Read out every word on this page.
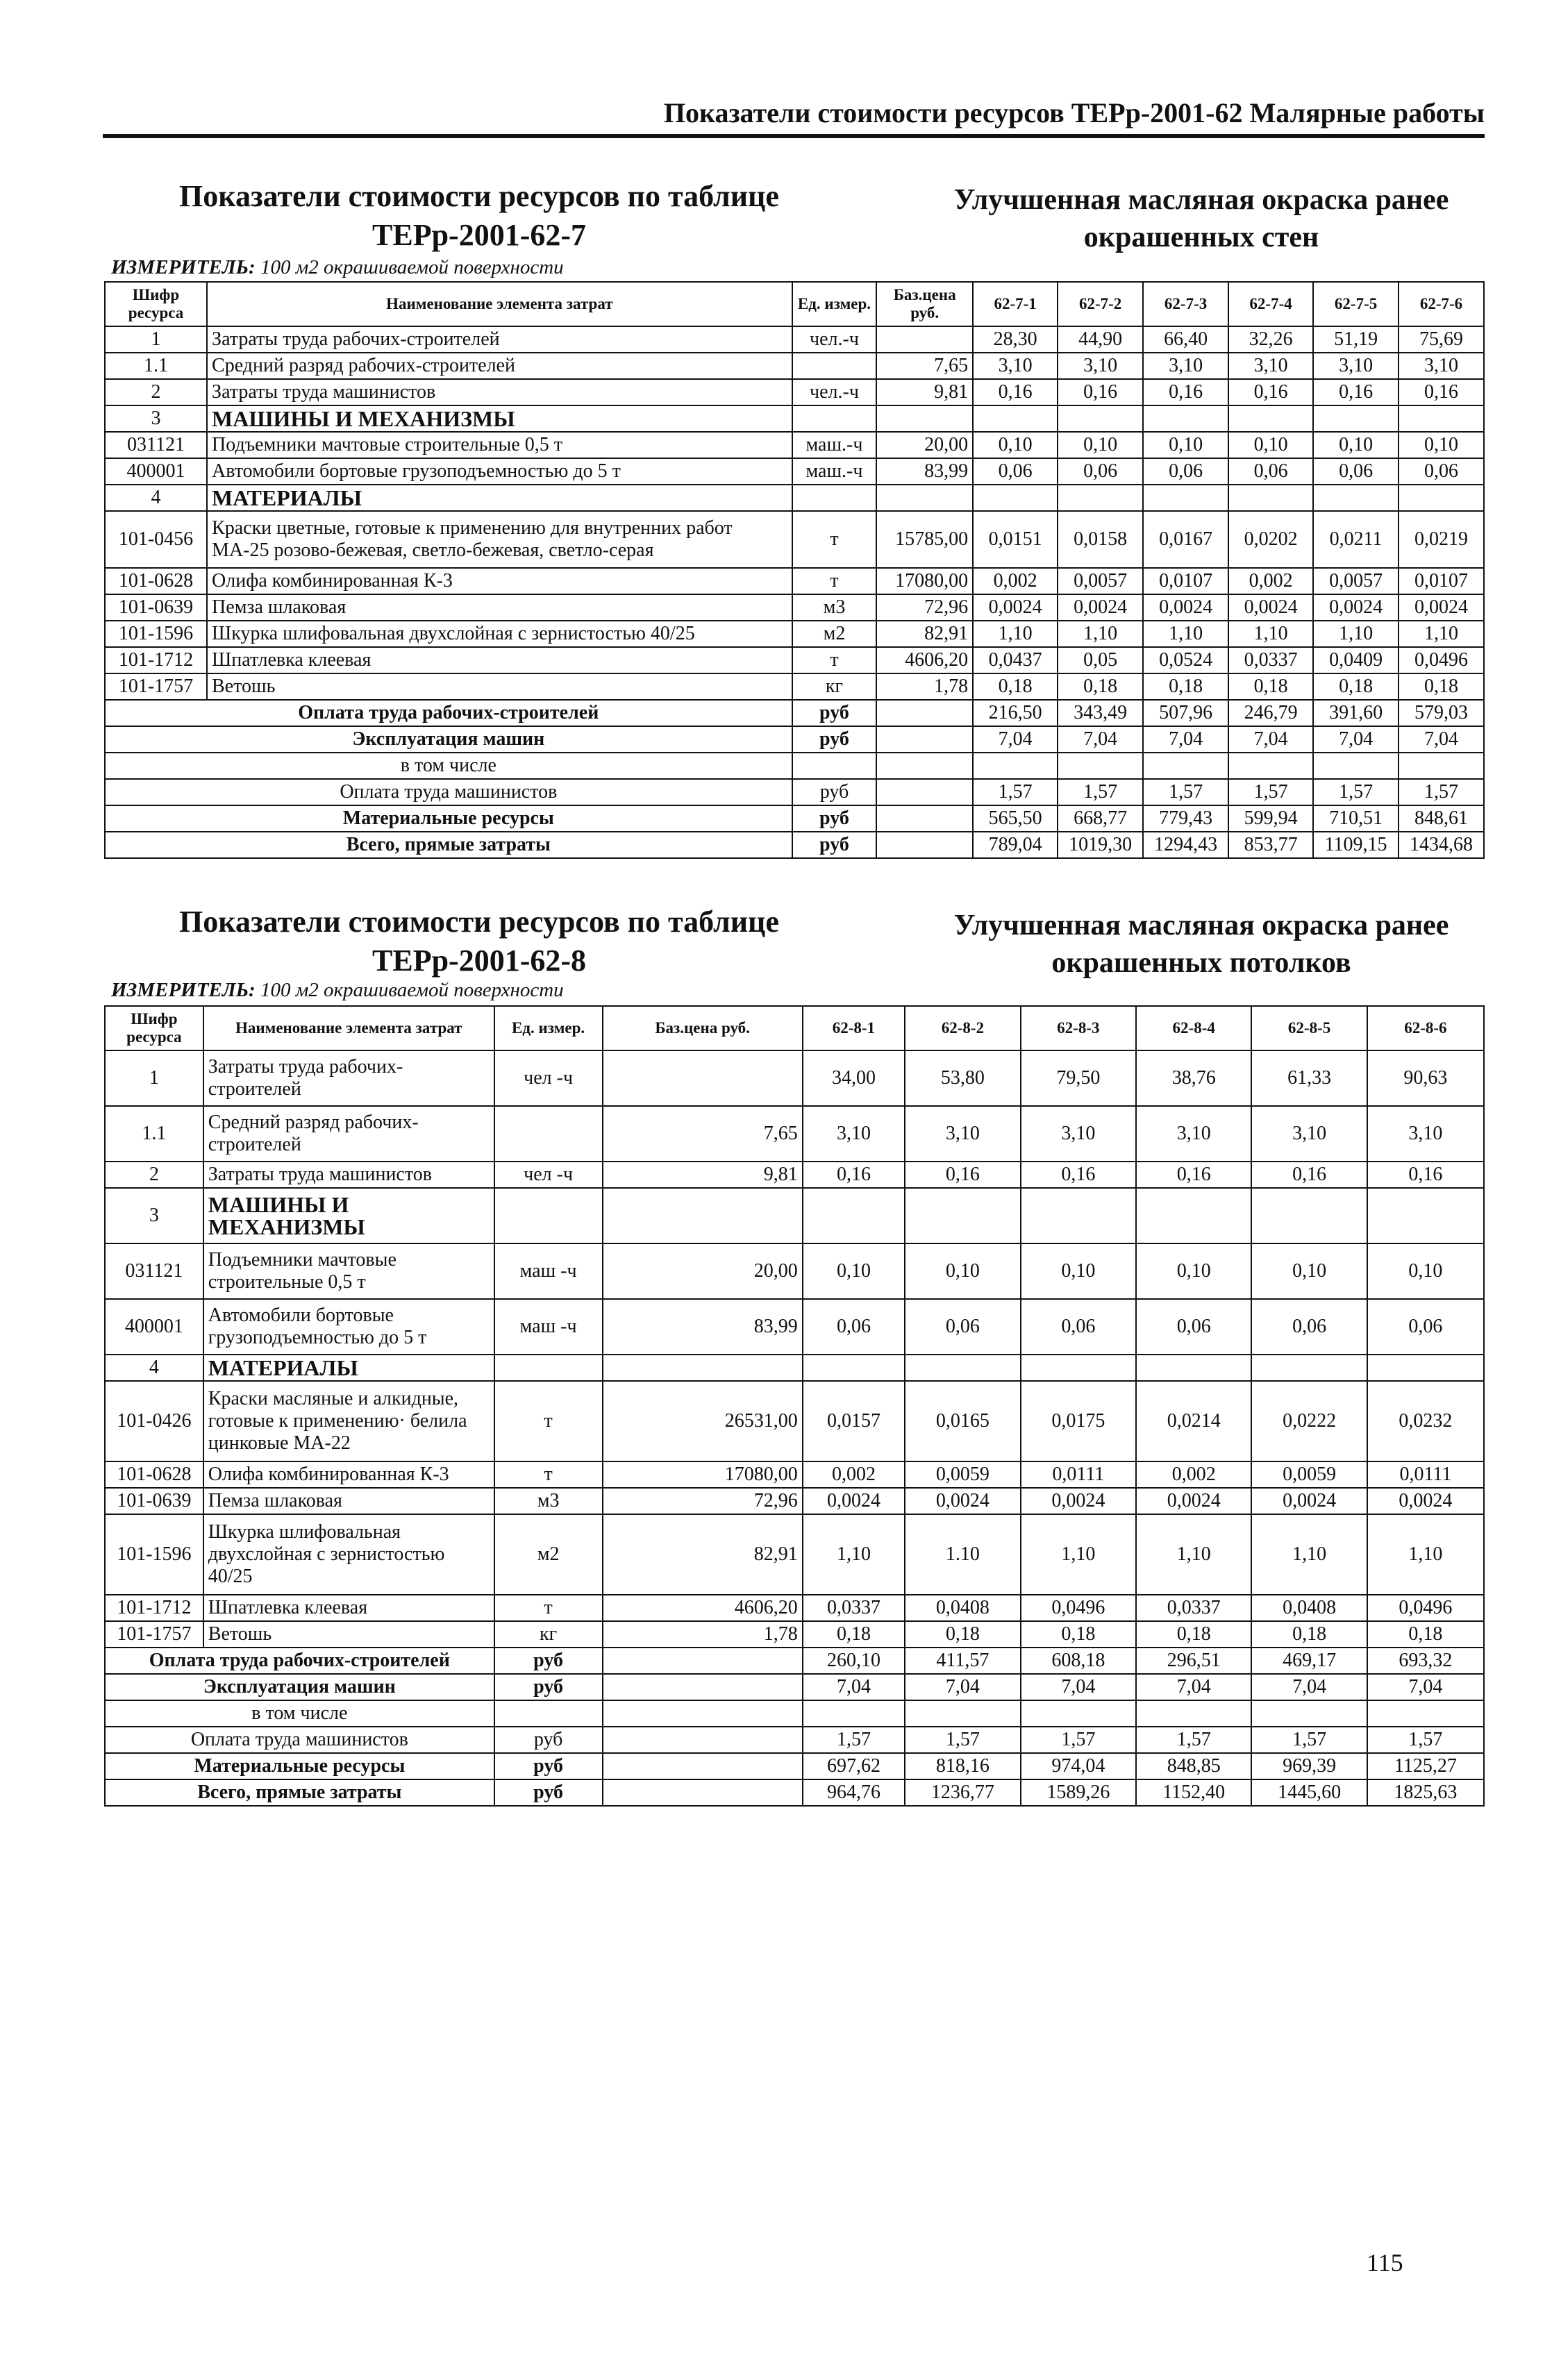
Показатели стоимости ресурсов ТЕРр-2001-62 Малярные работы
Показатели стоимости ресурсов по таблице ТЕРр-2001-62-7
Улучшенная масляная окраска ранее окрашенных стен
ИЗМЕРИТЕЛЬ: 100 м2 окрашиваемой поверхности
Шифр ресурса	Наименование элемента затрат	Ед. измер.	Баз.цена руб.	62-7-1	62-7-2	62-7-3	62-7-4	62-7-5	62-7-6
1	Затраты труда рабочих-строителей	чел.-ч		28,30	44,90	66,40	32,26	51,19	75,69
1.1	Средний разряд рабочих-строителей		7,65	3,10	3,10	3,10	3,10	3,10	3,10
2	Затраты труда машинистов	чел.-ч	9,81	0,16	0,16	0,16	0,16	0,16	0,16
3	МАШИНЫ И МЕХАНИЗМЫ								
031121	Подъемники мачтовые строительные 0,5 т	маш.-ч	20,00	0,10	0,10	0,10	0,10	0,10	0,10
400001	Автомобили бортовые грузоподъемностью до 5 т	маш.-ч	83,99	0,06	0,06	0,06	0,06	0,06	0,06
4	МАТЕРИАЛЫ								
101-0456	Краски цветные, готовые к применению для внутренних работ МА-25 розово-бежевая, светло-бежевая, светло-серая	т	15785,00	0,0151	0,0158	0,0167	0,0202	0,0211	0,0219
101-0628	Олифа комбинированная К-3	т	17080,00	0,002	0,0057	0,0107	0,002	0,0057	0,0107
101-0639	Пемза шлаковая	м3	72,96	0,0024	0,0024	0,0024	0,0024	0,0024	0,0024
101-1596	Шкурка шлифовальная двухслойная с зернистостью 40/25	м2	82,91	1,10	1,10	1,10	1,10	1,10	1,10
101-1712	Шпатлевка клеевая	т	4606,20	0,0437	0,05	0,0524	0,0337	0,0409	0,0496
101-1757	Ветошь	кг	1,78	0,18	0,18	0,18	0,18	0,18	0,18
Оплата труда рабочих-строителей		руб		216,50	343,49	507,96	246,79	391,60	579,03
Эксплуатация машин		руб		7,04	7,04	7,04	7,04	7,04	7,04
в том числе									
Оплата труда машинистов		руб		1,57	1,57	1,57	1,57	1,57	1,57
Материальные ресурсы		руб		565,50	668,77	779,43	599,94	710,51	848,61
Всего, прямые затраты		руб		789,04	1019,30	1294,43	853,77	1109,15	1434,68
Показатели стоимости ресурсов по таблице ТЕРр-2001-62-8
Улучшенная масляная окраска ранее окрашенных потолков
ИЗМЕРИТЕЛЬ: 100 м2 окрашиваемой поверхности
Шифр ресурса	Наименование элемента затрат	Ед. измер.	Баз.цена руб.	62-8-1	62-8-2	62-8-3	62-8-4	62-8-5	62-8-6
1	Затраты труда рабочих-строителей	чел -ч		34,00	53,80	79,50	38,76	61,33	90,63
1.1	Средний разряд рабочих-строителей		7,65	3,10	3,10	3,10	3,10	3,10	3,10
2	Затраты труда машинистов	чел -ч	9,81	0,16	0,16	0,16	0,16	0,16	0,16
3	МАШИНЫ И МЕХАНИЗМЫ								
031121	Подъемники мачтовые строительные 0,5 т	маш -ч	20,00	0,10	0,10	0,10	0,10	0,10	0,10
400001	Автомобили бортовые грузоподъемностью до 5 т	маш -ч	83,99	0,06	0,06	0,06	0,06	0,06	0,06
4	МАТЕРИАЛЫ								
101-0426	Краски масляные и алкидные, готовые к применению· белила цинковые МА-22	т	26531,00	0,0157	0,0165	0,0175	0,0214	0,0222	0,0232
101-0628	Олифа комбинированная К-3	т	17080,00	0,002	0,0059	0,0111	0,002	0,0059	0,0111
101-0639	Пемза шлаковая	м3	72,96	0,0024	0,0024	0,0024	0,0024	0,0024	0,0024
101-1596	Шкурка шлифовальная двухслойная с зернистостью 40/25	м2	82,91	1,10	1.10	1,10	1,10	1,10	1,10
101-1712	Шпатлевка клеевая	т	4606,20	0,0337	0,0408	0,0496	0,0337	0,0408	0,0496
101-1757	Ветошь	кг	1,78	0,18	0,18	0,18	0,18	0,18	0,18
Оплата труда рабочих-строителей		руб		260,10	411,57	608,18	296,51	469,17	693,32
Эксплуатация машин		руб		7,04	7,04	7,04	7,04	7,04	7,04
в том числе									
Оплата труда машинистов		руб		1,57	1,57	1,57	1,57	1,57	1,57
Материальные ресурсы		руб		697,62	818,16	974,04	848,85	969,39	1125,27
Всего, прямые затраты		руб		964,76	1236,77	1589,26	1152,40	1445,60	1825,63
115
